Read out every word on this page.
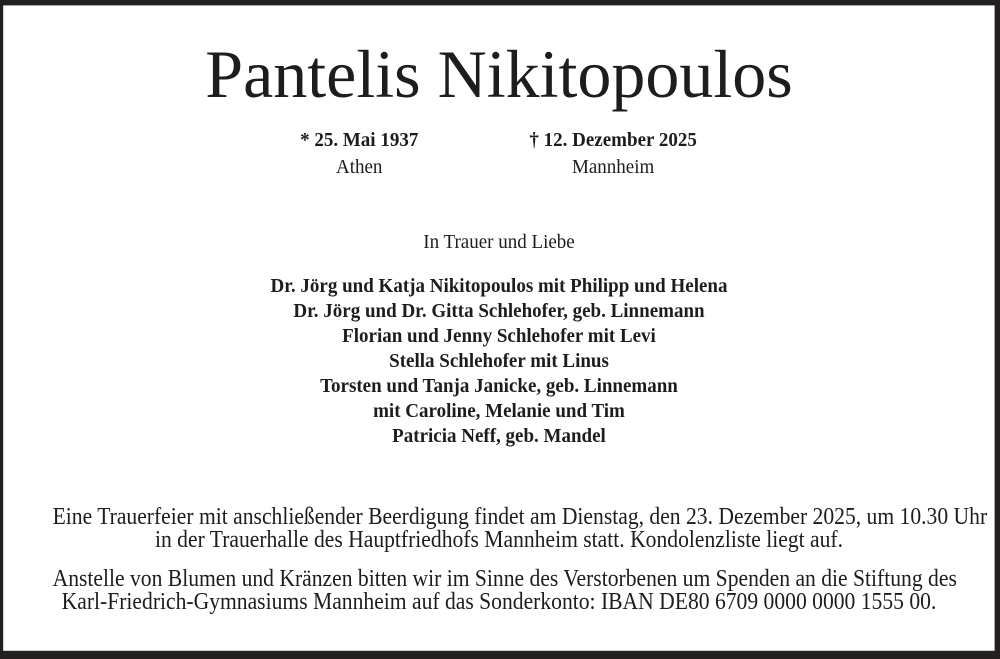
Pantelis Nikitopoulos
* 25. Mai 1937
Athen
† 12. Dezember 2025
Mannheim
In Trauer und Liebe
Dr. Jörg und Katja Nikitopoulos mit Philipp und Helena
Dr. Jörg und Dr. Gitta Schlehofer, geb. Linnemann
Florian und Jenny Schlehofer mit Levi
Stella Schlehofer mit Linus
Torsten und Tanja Janicke, geb. Linnemann
mit Caroline, Melanie und Tim
Patricia Neff, geb. Mandel
Eine Trauerfeier mit anschließender Beerdigung findet am Dienstag, den 23. Dezember 2025, um 10.30 Uhr
in der Trauerhalle des Hauptfriedhofs Mannheim statt. Kondolenzliste liegt auf.
Anstelle von Blumen und Kränzen bitten wir im Sinne des Verstorbenen um Spenden an die Stiftung des
Karl-Friedrich-Gymnasiums Mannheim auf das Sonderkonto: IBAN DE80 6709 0000 0000 1555 00.
